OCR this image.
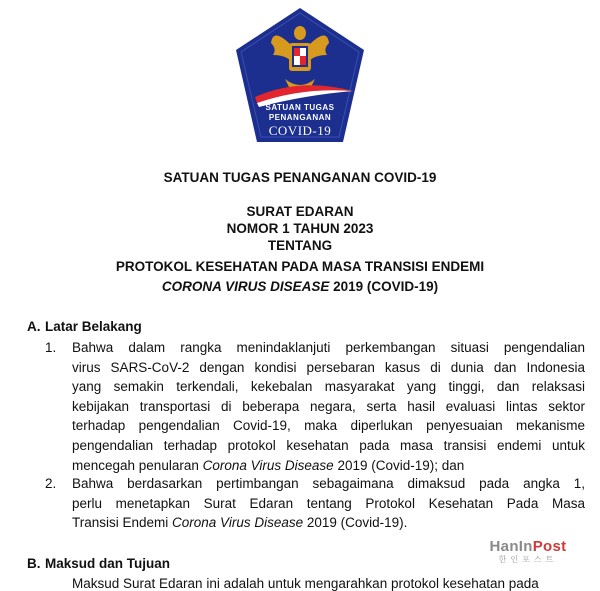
SATUAN TUGAS
PENANGANAN
COVID-19
SATUAN TUGAS PENANGANAN COVID-19
SURAT EDARAN
NOMOR 1 TAHUN 2023
TENTANG
PROTOKOL KESEHATAN PADA MASA TRANSISI ENDEMI
CORONA VIRUS DISEASE 2019 (COVID-19)
A. Latar Belakang
1. Bahwa dalam rangka menindaklanjuti perkembangan situasi pengendalian
virus SARS-CoV-2 dengan kondisi persebaran kasus di dunia dan Indonesia
yang semakin terkendali, kekebalan masyarakat yang tinggi, dan relaksasi
kebijakan transportasi di beberapa negara, serta hasil evaluasi lintas sektor
terhadap pengendalian Covid-19, maka diperlukan penyesuaian mekanisme
pengendalian terhadap protokol kesehatan pada masa transisi endemi untuk
mencegah penularan Corona Virus Disease 2019 (Covid-19); dan
2. Bahwa berdasarkan pertimbangan sebagaimana dimaksud pada angka 1,
perlu menetapkan Surat Edaran tentang Protokol Kesehatan Pada Masa
Transisi Endemi Corona Virus Disease 2019 (Covid-19).
B. Maksud dan Tujuan
Maksud Surat Edaran ini adalah untuk mengarahkan protokol kesehatan pada
HanInPost
한인포스트
